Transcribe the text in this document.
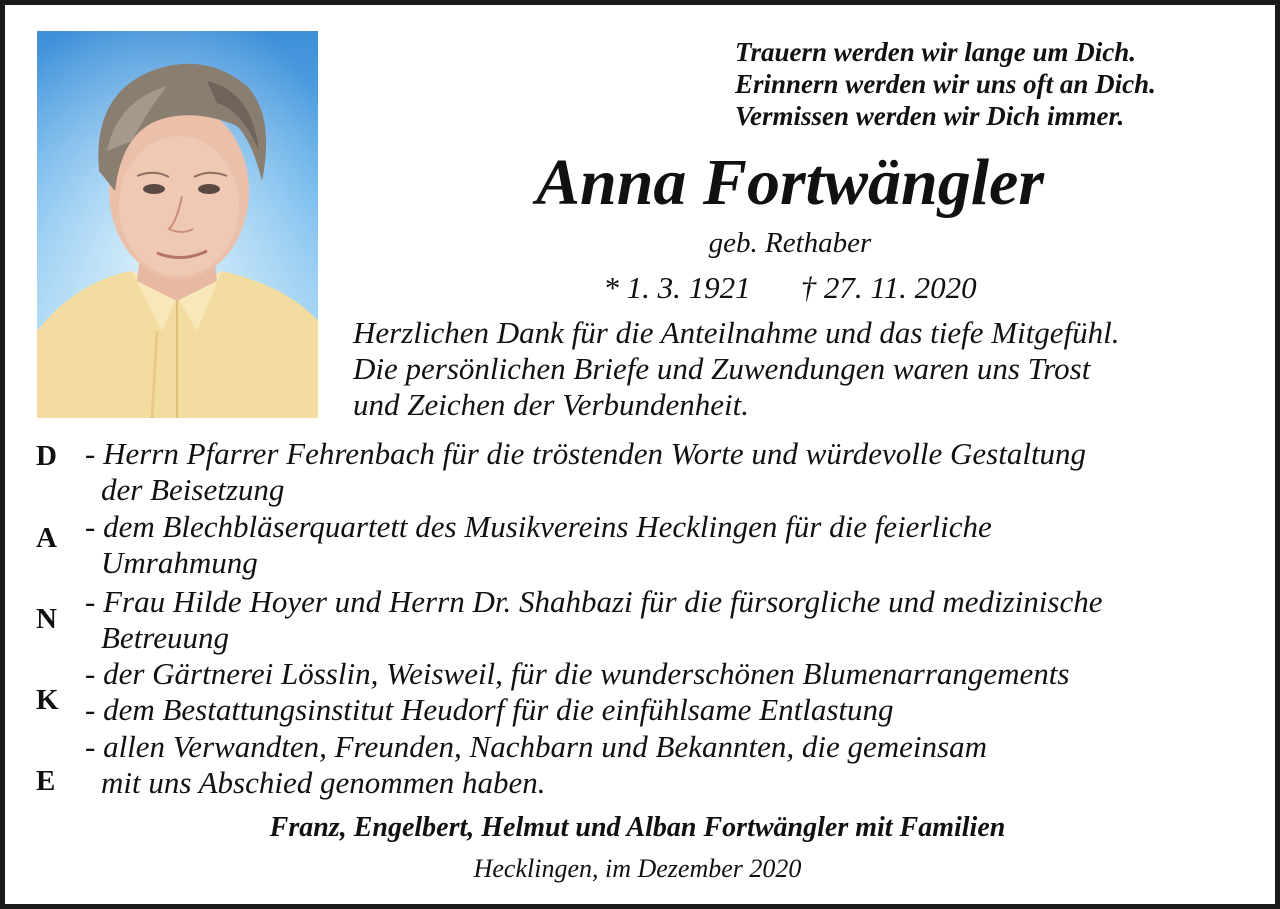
Trauern werden wir lange um Dich.
Erinnern werden wir uns oft an Dich.
Vermissen werden wir Dich immer.
Anna Fortwängler
geb. Rethaber
* 1. 3. 1921 † 27. 11. 2020
Herzlichen Dank für die Anteilnahme und das tiefe Mitgefühl.
Die persönlichen Briefe und Zuwendungen waren uns Trost
und Zeichen der Verbundenheit.
D
A
N
K
E
- Herrn Pfarrer Fehrenbach für die tröstenden Worte und würdevolle Gestaltung
der Beisetzung
- dem Blechbläserquartett des Musikvereins Hecklingen für die feierliche
Umrahmung
- Frau Hilde Hoyer und Herrn Dr. Shahbazi für die fürsorgliche und medizinische
Betreuung
- der Gärtnerei Lösslin, Weisweil, für die wunderschönen Blumenarrangements
- dem Bestattungsinstitut Heudorf für die einfühlsame Entlastung
- allen Verwandten, Freunden, Nachbarn und Bekannten, die gemeinsam
mit uns Abschied genommen haben.
Franz, Engelbert, Helmut und Alban Fortwängler mit Familien
Hecklingen, im Dezember 2020
